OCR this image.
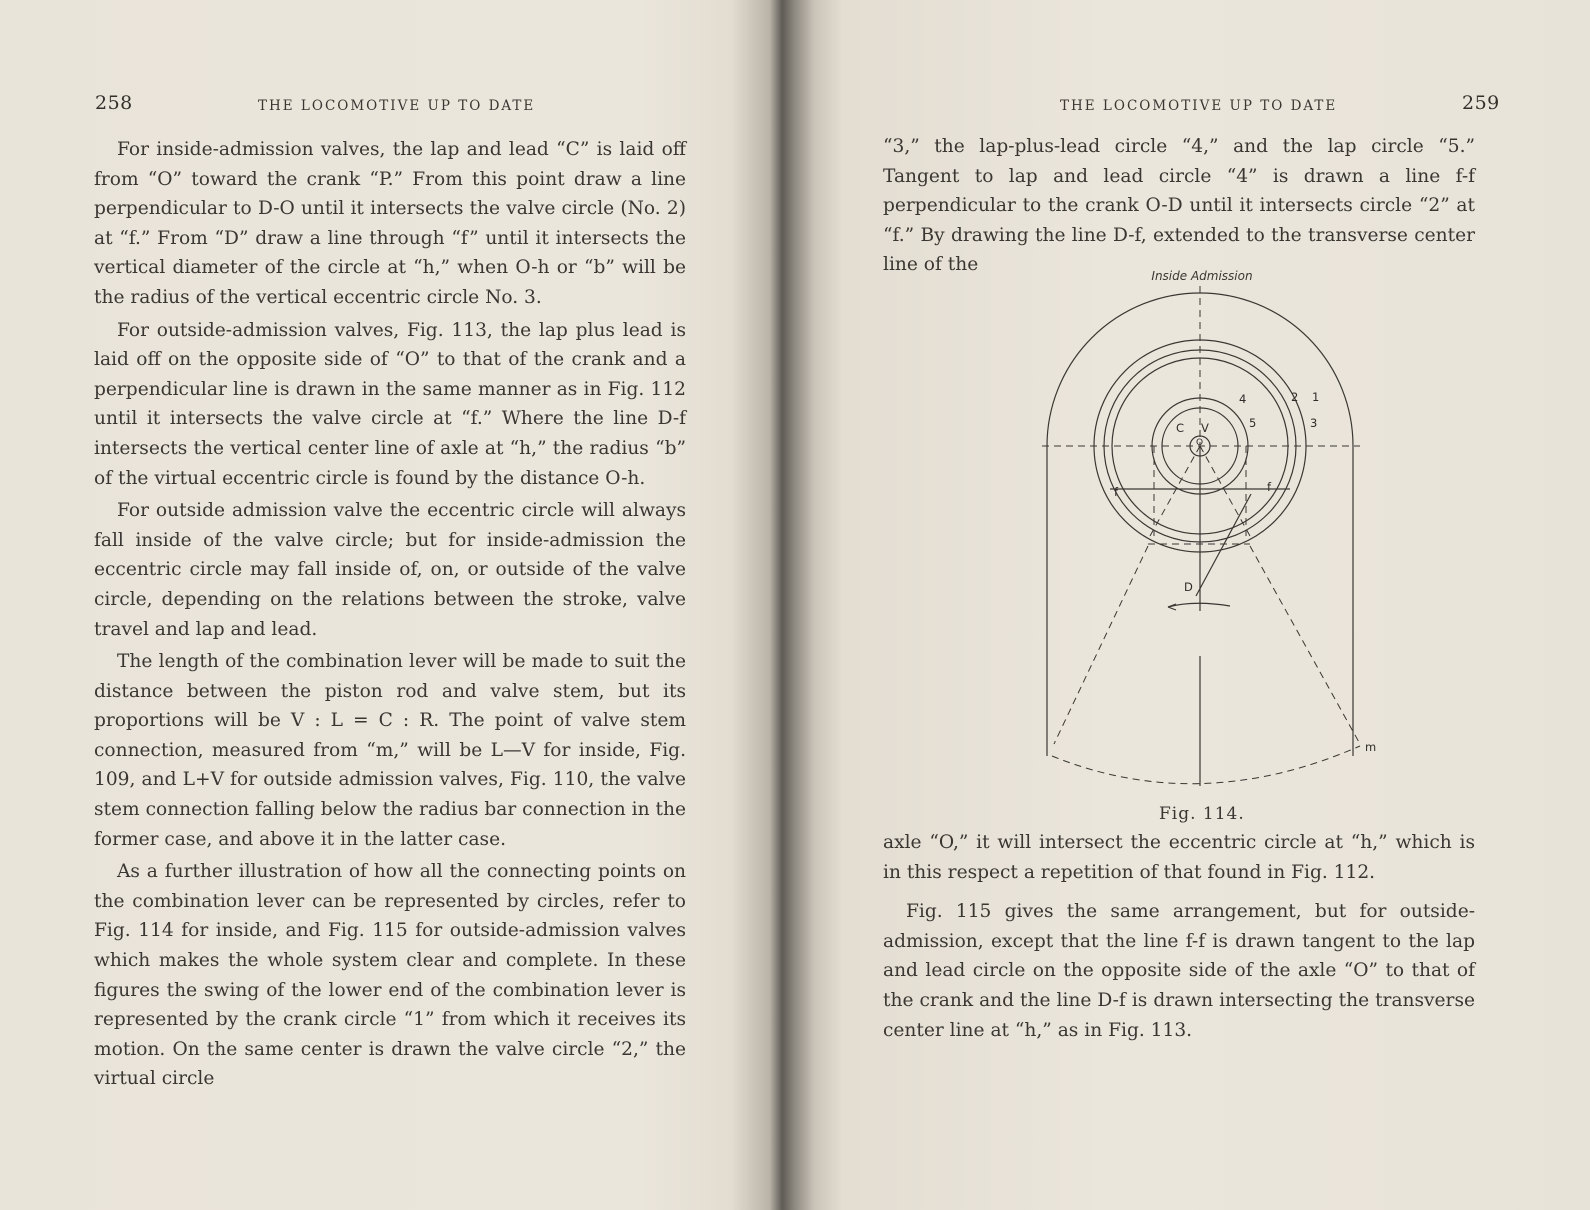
258	THE LOCOMOTIVE UP TO DATE

For inside-admission valves, the lap and lead “C” is laid off from “O” toward the crank “P.” From this point draw a line perpendicular to D-O until it intersects the valve circle (No. 2) at “f.” From “D” draw a line through “f” until it intersects the vertical diameter of the circle at “h,” when O-h or “b” will be the radius of the vertical eccentric circle No. 3.

For outside-admission valves, Fig. 113, the lap plus lead is laid off on the opposite side of “O” to that of the crank and a perpendicular line is drawn in the same manner as in Fig. 112 until it intersects the valve circle at “f.” Where the line D-f intersects the vertical center line of axle at “h,” the radius “b” of the virtual eccentric circle is found by the distance O-h.

For outside admission valve the eccentric circle will always fall inside of the valve circle; but for inside-admission the eccentric circle may fall inside of, on, or outside of the valve circle, depending on the relations between the stroke, valve travel and lap and lead.

The length of the combination lever will be made to suit the distance between the piston rod and valve stem, but its proportions will be V : L = C : R. The point of valve stem connection, measured from “m,” will be L—V for inside, Fig. 109, and L+V for outside admission valves, Fig. 110, the valve stem connection falling below the radius bar connection in the former case, and above it in the latter case.

As a further illustration of how all the connecting points on the combination lever can be represented by circles, refer to Fig. 114 for inside, and Fig. 115 for outside-admission valves which makes the whole system clear and complete. In these figures the swing of the lower end of the combination lever is represented by the crank circle “1” from which it receives its motion. On the same center is drawn the valve circle “2,” the virtual circle

THE LOCOMOTIVE UP TO DATE	259

“3,” the lap-plus-lead circle “4,” and the lap circle “5.” Tangent to lap and lead circle “4” is drawn a line f-f perpendicular to the crank O-D until it intersects circle “2” at “f.” By drawing the line D-f, extended to the transverse center line of the

Inside Admission
1
2
3
4
5
C V
O
f	f
D
m
Fig. 114.

axle “O,” it will intersect the eccentric circle at “h,” which is in this respect a repetition of that found in Fig. 112.

Fig. 115 gives the same arrangement, but for outside-admission, except that the line f-f is drawn tangent to the lap and lead circle on the opposite side of the axle “O” to that of the crank and the line D-f is drawn intersecting the transverse center line at “h,” as in Fig. 113.
